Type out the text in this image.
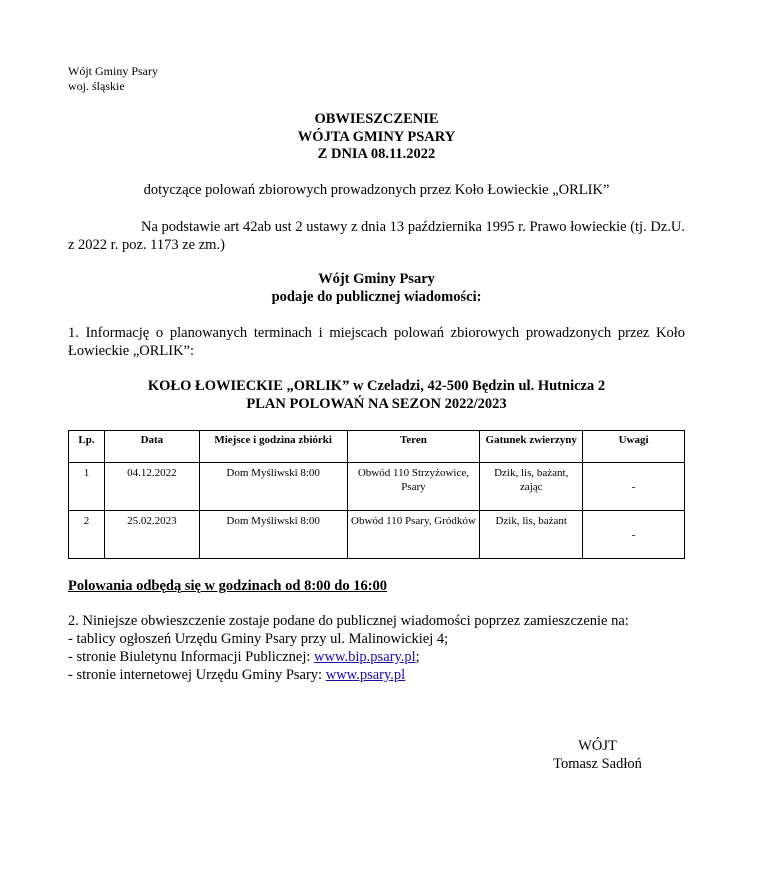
Wójt Gminy Psary
woj. śląskie
OBWIESZCZENIE
WÓJTA GMINY PSARY
Z DNIA 08.11.2022
dotyczące polowań zbiorowych prowadzonych przez Koło Łowieckie „ORLIK”
Na podstawie art 42ab ust 2 ustawy z dnia 13 października 1995 r. Prawo łowieckie (tj. Dz.U. z 2022 r. poz. 1173 ze zm.)
Wójt Gminy Psary
podaje do publicznej wiadomości:
1. Informację o planowanych terminach i miejscach polowań zbiorowych prowadzonych przez Koło Łowieckie „ORLIK”:
KOŁO ŁOWIECKIE „ORLIK” w Czeladzi, 42-500 Będzin ul. Hutnicza 2
PLAN POLOWAŃ NA SEZON 2022/2023
Lp.	Data	Miejsce i godzina zbiórki	Teren	Gatunek zwierzyny	Uwagi
1	04.12.2022	Dom Myśliwski 8:00	Obwód 110 Strzyżowice, Psary	Dzik, lis, bażant, zając	-
2	25.02.2023	Dom Myśliwski 8:00	Obwód 110 Psary, Gródków	Dzik, lis, bażant	-
Polowania odbędą się w godzinach od 8:00 do 16:00
2. Niniejsze obwieszczenie zostaje podane do publicznej wiadomości poprzez zamieszczenie na:
- tablicy ogłoszeń Urzędu Gminy Psary przy ul. Malinowickiej 4;
- stronie Biuletynu Informacji Publicznej: www.bip.psary.pl;
- stronie internetowej Urzędu Gminy Psary: www.psary.pl
WÓJT
Tomasz Sadłoń
